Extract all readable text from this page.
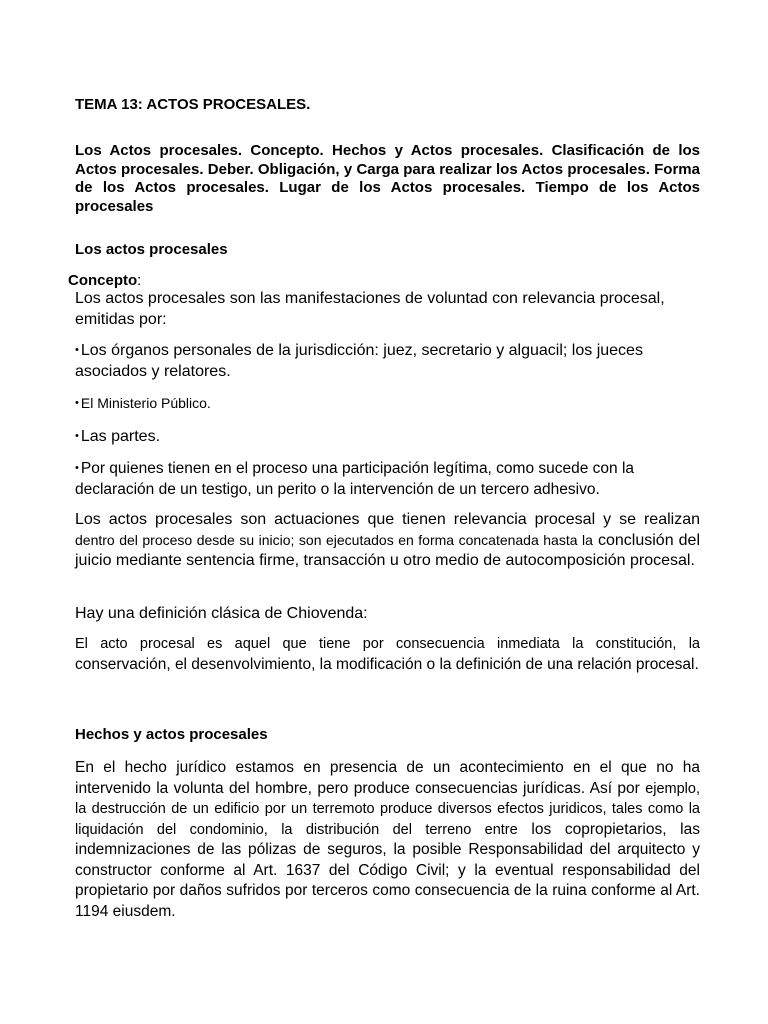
TEMA 13: ACTOS PROCESALES.

Los Actos procesales. Concepto. Hechos y Actos procesales. Clasificación de los Actos procesales. Deber. Obligación, y Carga para realizar los Actos procesales. Forma de los Actos procesales. Lugar de los Actos procesales. Tiempo de los Actos procesales

Los actos procesales

Concepto:

Los actos procesales son las manifestaciones de voluntad con relevancia procesal, emitidas por:

• Los órganos personales de la jurisdicción: juez, secretario y alguacil; los jueces asociados y relatores.

• El Ministerio Público.

• Las partes.

• Por quienes tienen en el proceso una participación legítima, como sucede con la declaración de un testigo, un perito o la intervención de un tercero adhesivo.

Los actos procesales son actuaciones que tienen relevancia procesal y se realizan dentro del proceso desde su inicio; son ejecutados en forma concatenada hasta la conclusión del juicio mediante sentencia firme, transacción u otro medio de autocomposición procesal.

Hay una definición clásica de Chiovenda:

El acto procesal es aquel que tiene por consecuencia inmediata la constitución, la conservación, el desenvolvimiento, la modificación o la definición de una relación procesal.

Hechos y actos procesales

En el hecho jurídico estamos en presencia de un acontecimiento en el que no ha intervenido la volunta del hombre, pero produce consecuencias jurídicas. Así por ejemplo, la destrucción de un edificio por un terremoto produce diversos efectos juridicos, tales como la liquidación del condominio, la distribución del terreno entre los copropietarios, las indemnizaciones de las pólizas de seguros, la posible Responsabilidad del arquitecto y constructor conforme al Art. 1637 del Código Civil; y la eventual responsabilidad del propietario por daños sufridos por terceros como consecuencia de la ruina conforme al Art. 1194 eiusdem.
